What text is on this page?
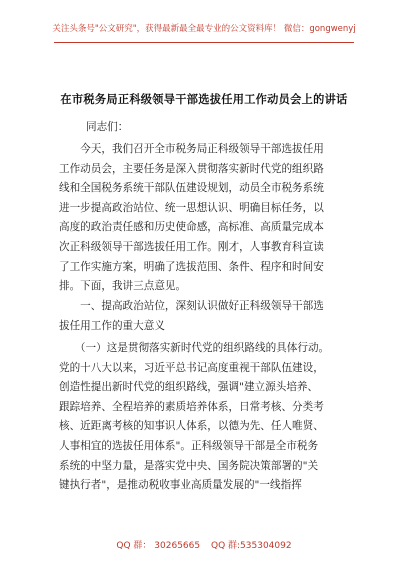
关注头条号"公文研究"，获得最新最全最专业的公文资料库！ 微信：gongwenyj
在市税务局正科级领导干部选拔任用工作动员会上的讲话
同志们：
　　今天，我们召开全市税务局正科级领导干部选拔任用
工作动员会，主要任务是深入贯彻落实新时代党的组织路
线和全国税务系统干部队伍建设规划，动员全市税务系统
进一步提高政治站位、统一思想认识、明确目标任务，以
高度的政治责任感和历史使命感，高标准、高质量完成本
次正科级领导干部选拔任用工作。刚才，人事教育科宣读
了工作实施方案，明确了选拔范围、条件、程序和时间安
排。下面，我讲三点意见。
　　一、提高政治站位，深刻认识做好正科级领导干部选
拔任用工作的重大意义
　　（一）这是贯彻落实新时代党的组织路线的具体行动。
党的十八大以来，习近平总书记高度重视干部队伍建设，
创造性提出新时代党的组织路线，强调"建立源头培养、
跟踪培养、全程培养的素质培养体系，日常考核、分类考
核、近距离考核的知事识人体系，以德为先、任人唯贤、
人事相宜的选拔任用体系"。正科级领导干部是全市税务
系统的中坚力量，是落实党中央、国务院决策部署的"关
键执行者"，是推动税收事业高质量发展的"一线指挥
QQ 群： 30265665 QQ 群:535304092
